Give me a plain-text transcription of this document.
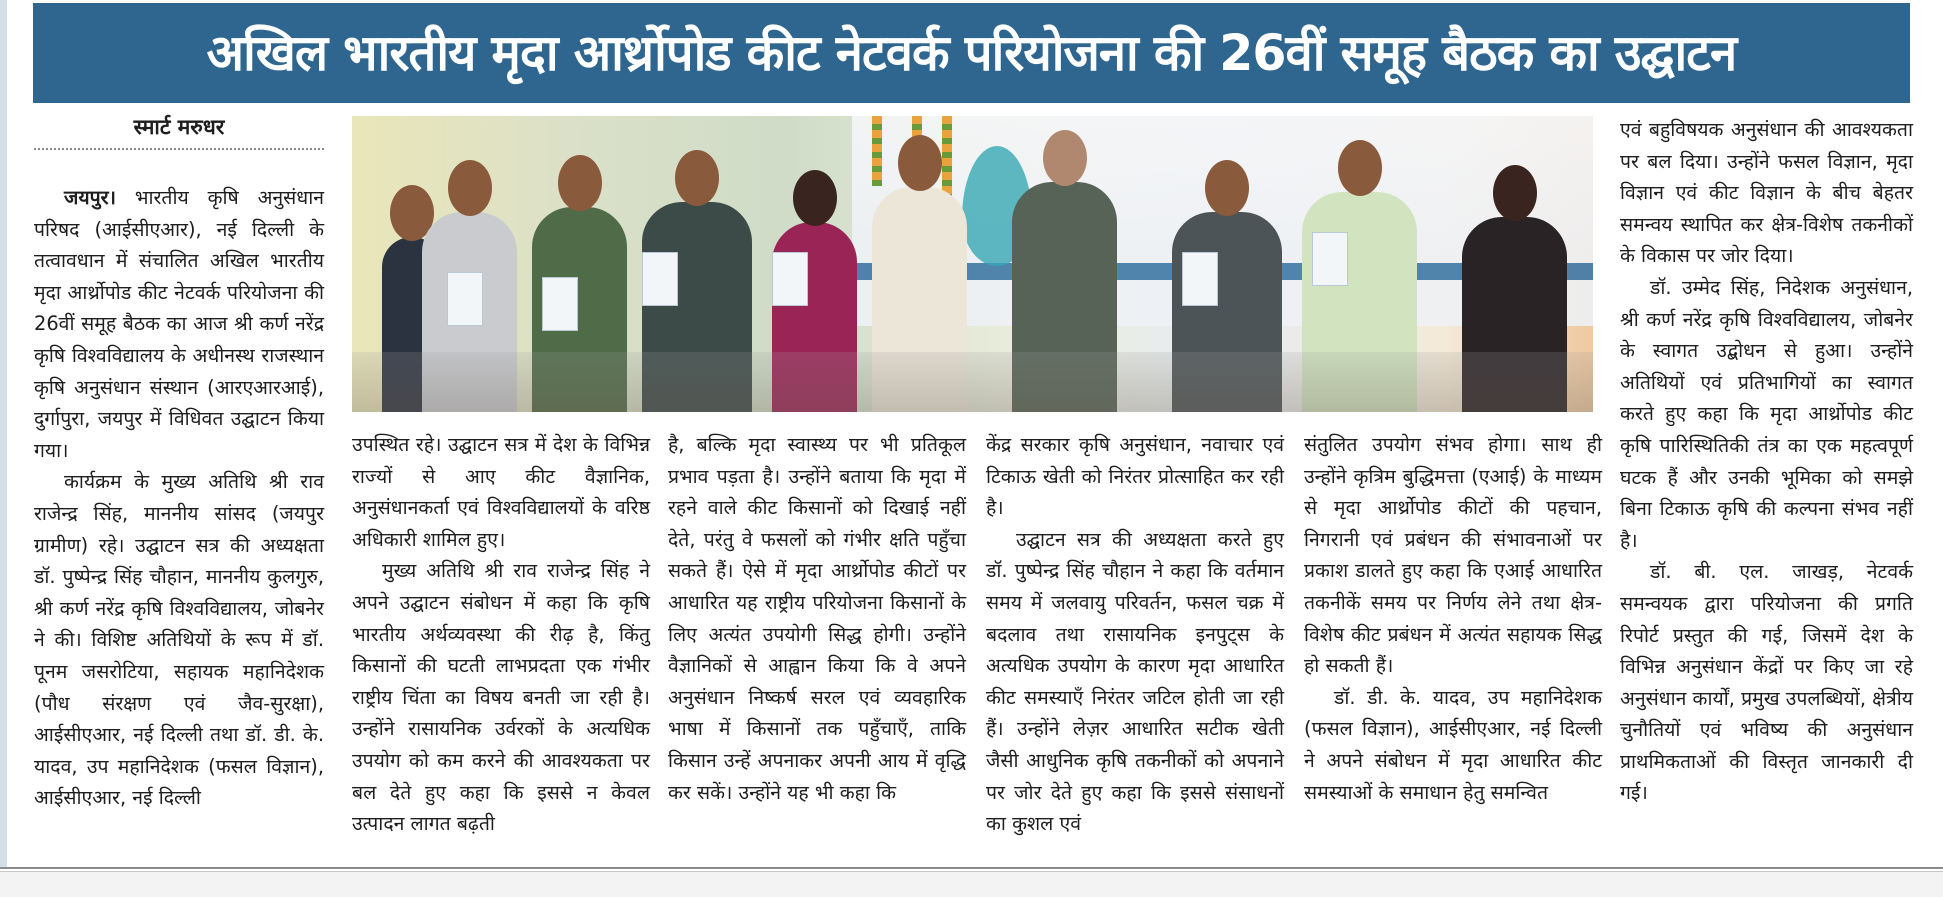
अखिल भारतीय मृदा आर्थ्रोपोड कीट नेटवर्क परियोजना की 26वीं समूह बैठक का उद्घाटन
स्मार्ट मरुधर

जयपुर। भारतीय कृषि अनुसंधान परिषद (आईसीएआर), नई दिल्ली के तत्वावधान में संचालित अखिल भारतीय मृदा आर्थ्रोपोड कीट नेटवर्क परियोजना की 26वीं समूह बैठक का आज श्री कर्ण नरेंद्र कृषि विश्वविद्यालय के अधीनस्थ राजस्थान कृषि अनुसंधान संस्थान (आरएआरआई), दुर्गापुरा, जयपुर में विधिवत उद्घाटन किया गया।

कार्यक्रम के मुख्य अतिथि श्री राव राजेन्द्र सिंह, माननीय सांसद (जयपुर ग्रामीण) रहे। उद्घाटन सत्र की अध्यक्षता डॉ. पुष्पेन्द्र सिंह चौहान, माननीय कुलगुरु, श्री कर्ण नरेंद्र कृषि विश्वविद्यालय, जोबनेर ने की। विशिष्ट अतिथियों के रूप में डॉ. पूनम जसरोटिया, सहायक महानिदेशक (पौध संरक्षण एवं जैव-सुरक्षा), आईसीएआर, नई दिल्ली तथा डॉ. डी. के. यादव, उप महानिदेशक (फसल विज्ञान), आईसीएआर, नई दिल्ली

उपस्थित रहे। उद्घाटन सत्र में देश के विभिन्न राज्यों से आए कीट वैज्ञानिक, अनुसंधानकर्ता एवं विश्वविद्यालयों के वरिष्ठ अधिकारी शामिल हुए।

मुख्य अतिथि श्री राव राजेन्द्र सिंह ने अपने उद्घाटन संबोधन में कहा कि कृषि भारतीय अर्थव्यवस्था की रीढ़ है, किंतु किसानों की घटती लाभप्रदता एक गंभीर राष्ट्रीय चिंता का विषय बनती जा रही है। उन्होंने रासायनिक उर्वरकों के अत्यधिक उपयोग को कम करने की आवश्यकता पर बल देते हुए कहा कि इससे न केवल उत्पादन लागत बढ़ती

है, बल्कि मृदा स्वास्थ्य पर भी प्रतिकूल प्रभाव पड़ता है। उन्होंने बताया कि मृदा में रहने वाले कीट किसानों को दिखाई नहीं देते, परंतु वे फसलों को गंभीर क्षति पहुँचा सकते हैं। ऐसे में मृदा आर्थ्रोपोड कीटों पर आधारित यह राष्ट्रीय परियोजना किसानों के लिए अत्यंत उपयोगी सिद्ध होगी। उन्होंने वैज्ञानिकों से आह्वान किया कि वे अपने अनुसंधान निष्कर्ष सरल एवं व्यवहारिक भाषा में किसानों तक पहुँचाएँ, ताकि किसान उन्हें अपनाकर अपनी आय में वृद्धि कर सकें। उन्होंने यह भी कहा कि

केंद्र सरकार कृषि अनुसंधान, नवाचार एवं टिकाऊ खेती को निरंतर प्रोत्साहित कर रही है।

उद्घाटन सत्र की अध्यक्षता करते हुए डॉ. पुष्पेन्द्र सिंह चौहान ने कहा कि वर्तमान समय में जलवायु परिवर्तन, फसल चक्र में बदलाव तथा रासायनिक इनपुट्स के अत्यधिक उपयोग के कारण मृदा आधारित कीट समस्याएँ निरंतर जटिल होती जा रही हैं। उन्होंने लेज़र आधारित सटीक खेती जैसी आधुनिक कृषि तकनीकों को अपनाने पर जोर देते हुए कहा कि इससे संसाधनों का कुशल एवं

संतुलित उपयोग संभव होगा। साथ ही उन्होंने कृत्रिम बुद्धिमत्ता (एआई) के माध्यम से मृदा आर्थ्रोपोड कीटों की पहचान, निगरानी एवं प्रबंधन की संभावनाओं पर प्रकाश डालते हुए कहा कि एआई आधारित तकनीकें समय पर निर्णय लेने तथा क्षेत्र-विशेष कीट प्रबंधन में अत्यंत सहायक सिद्ध हो सकती हैं।

डॉ. डी. के. यादव, उप महानिदेशक (फसल विज्ञान), आईसीएआर, नई दिल्ली ने अपने संबोधन में मृदा आधारित कीट समस्याओं के समाधान हेतु समन्वित

एवं बहुविषयक अनुसंधान की आवश्यकता पर बल दिया। उन्होंने फसल विज्ञान, मृदा विज्ञान एवं कीट विज्ञान के बीच बेहतर समन्वय स्थापित कर क्षेत्र-विशेष तकनीकों के विकास पर जोर दिया।

डॉ. उम्मेद सिंह, निदेशक अनुसंधान, श्री कर्ण नरेंद्र कृषि विश्वविद्यालय, जोबनेर के स्वागत उद्बोधन से हुआ। उन्होंने अतिथियों एवं प्रतिभागियों का स्वागत करते हुए कहा कि मृदा आर्थ्रोपोड कीट कृषि पारिस्थितिकी तंत्र का एक महत्वपूर्ण घटक हैं और उनकी भूमिका को समझे बिना टिकाऊ कृषि की कल्पना संभव नहीं है।

डॉ. बी. एल. जाखड़, नेटवर्क समन्वयक द्वारा परियोजना की प्रगति रिपोर्ट प्रस्तुत की गई, जिसमें देश के विभिन्न अनुसंधान केंद्रों पर किए जा रहे अनुसंधान कार्यों, प्रमुख उपलब्धियों, क्षेत्रीय चुनौतियों एवं भविष्य की अनुसंधान प्राथमिकताओं की विस्तृत जानकारी दी गई।
